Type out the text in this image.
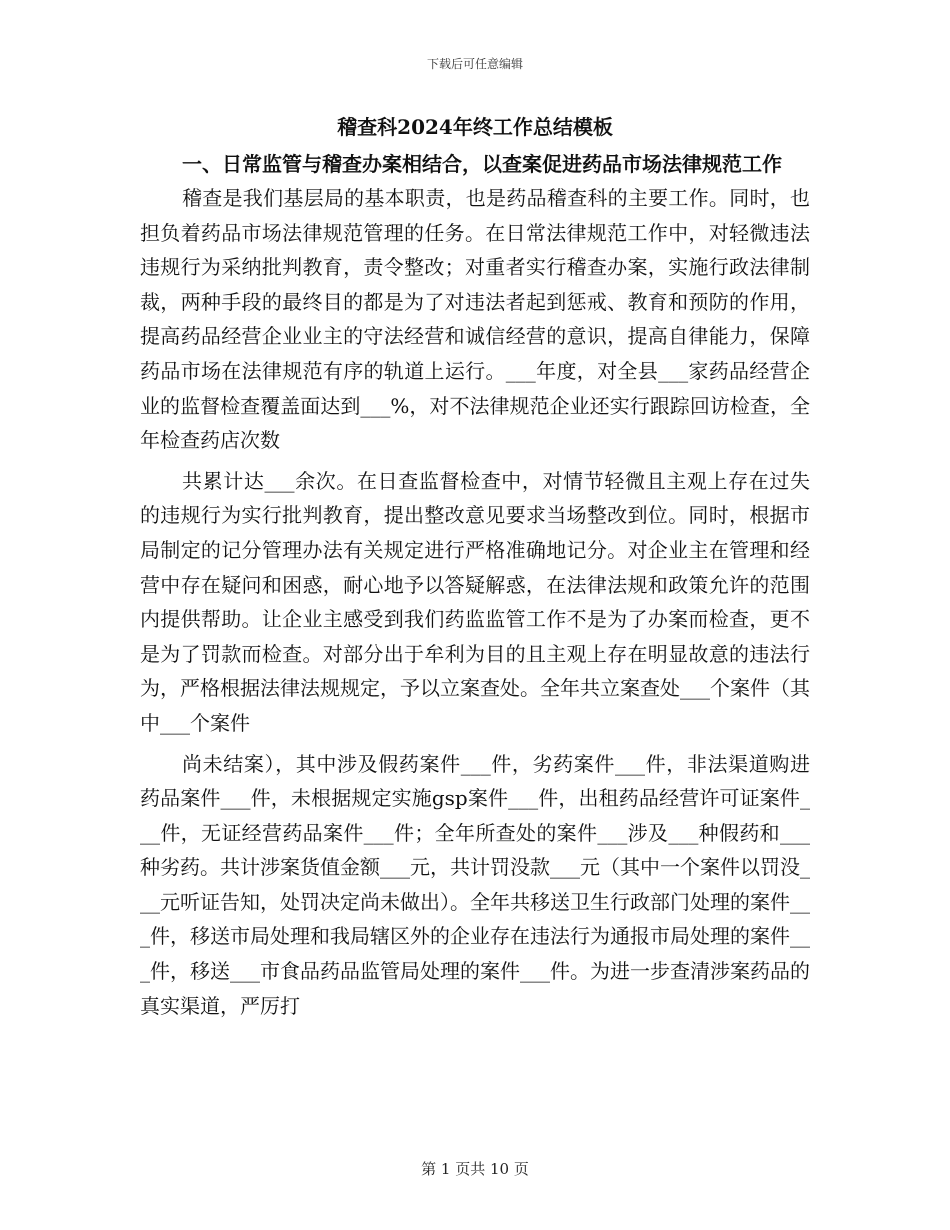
下载后可任意编辑
稽查科2024年终工作总结模板

一、日常监管与稽查办案相结合，以查案促进药品市场法律规范工作

稽查是我们基层局的基本职责，也是药品稽查科的主要工作。同时，也担负着药品市场法律规范管理的任务。在日常法律规范工作中，对轻微违法违规行为采纳批判教育，责令整改；对重者实行稽查办案，实施行政法律制裁，两种手段的最终目的都是为了对违法者起到惩戒、教育和预防的作用，提高药品经营企业业主的守法经营和诚信经营的意识，提高自律能力，保障药品市场在法律规范有序的轨道上运行。___年度，对全县___家药品经营企业的监督检查覆盖面达到___%，对不法律规范企业还实行跟踪回访检查，全年检查药店次数

共累计达___余次。在日查监督检查中，对情节轻微且主观上存在过失的违规行为实行批判教育，提出整改意见要求当场整改到位。同时，根据市局制定的记分管理办法有关规定进行严格准确地记分。对企业主在管理和经营中存在疑问和困惑，耐心地予以答疑解惑，在法律法规和政策允许的范围内提供帮助。让企业主感受到我们药监监管工作不是为了办案而检查，更不是为了罚款而检查。对部分出于牟利为目的且主观上存在明显故意的违法行为，严格根据法律法规规定，予以立案查处。全年共立案查处___个案件（其中___个案件

尚未结案），其中涉及假药案件___件，劣药案件___件，非法渠道购进药品案件___件，未根据规定实施gsp案件___件，出租药品经营许可证案件___件，无证经营药品案件___件；全年所查处的案件___涉及___种假药和___种劣药。共计涉案货值金额___元，共计罚没款___元（其中一个案件以罚没___元听证告知，处罚决定尚未做出）。全年共移送卫生行政部门处理的案件___件，移送市局处理和我局辖区外的企业存在违法行为通报市局处理的案件___件，移送___市食品药品监管局处理的案件___件。为进一步查清涉案药品的真实渠道，严厉打

第 1 页共 10 页
